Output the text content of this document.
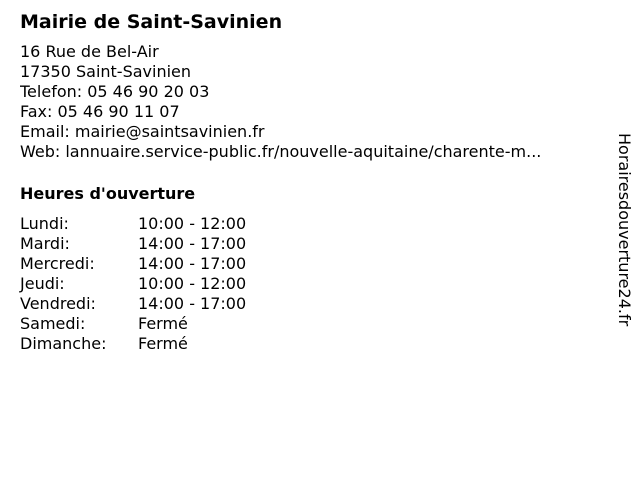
Mairie de Saint-Savinien
16 Rue de Bel-Air
17350 Saint-Savinien
Telefon: 05 46 90 20 03
Fax: 05 46 90 11 07
Email: mairie@saintsavinien.fr
Web: lannuaire.service-public.fr/nouvelle-aquitaine/charente-m...
Heures d'ouverture
Lundi:	10:00 - 12:00
Mardi:	14:00 - 17:00
Mercredi:	14:00 - 17:00
Jeudi:	10:00 - 12:00
Vendredi:	14:00 - 17:00
Samedi:	Fermé
Dimanche:	Fermé
Horairesdouverture24.fr
